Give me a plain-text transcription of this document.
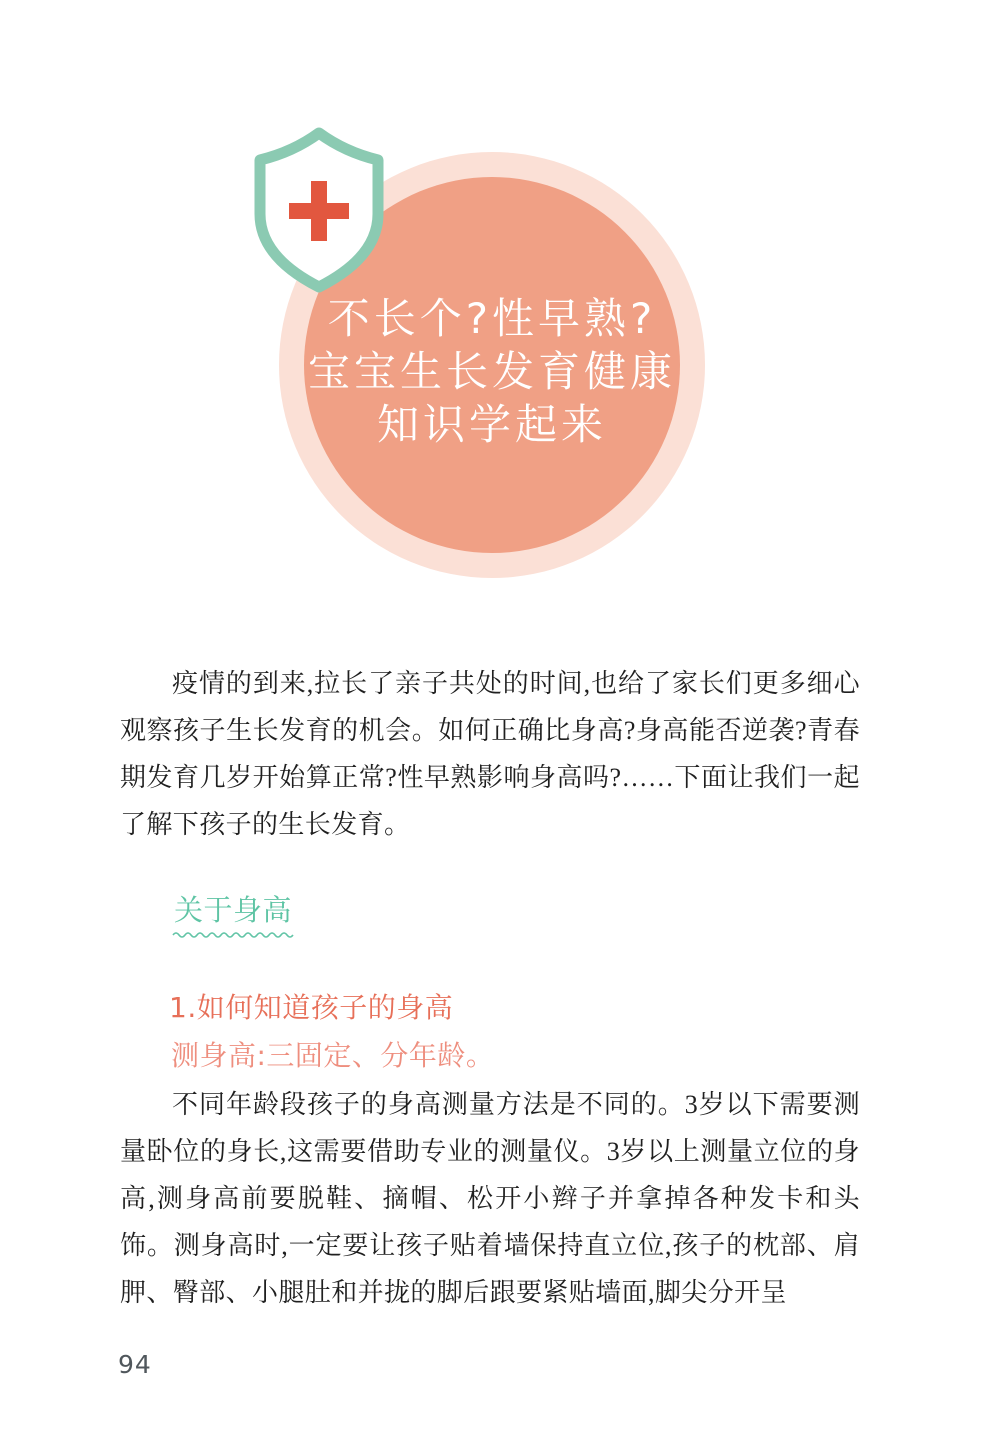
不长个?性早熟?
宝宝生长发育健康
知识学起来

疫情的到来,拉长了亲子共处的时间,也给了家长们更多细心观察孩子生长发育的机会。如何正确比身高?身高能否逆袭?青春期发育几岁开始算正常?性早熟影响身高吗?……下面让我们一起了解下孩子的生长发育。

关于身高
1.如何知道孩子的身高
测身高:三固定、分年龄。

不同年龄段孩子的身高测量方法是不同的。3岁以下需要测量卧位的身长,这需要借助专业的测量仪。3岁以上测量立位的身高,测身高前要脱鞋、摘帽、松开小辫子并拿掉各种发卡和头饰。测身高时,一定要让孩子贴着墙保持直立位,孩子的枕部、肩胛、臀部、小腿肚和并拢的脚后跟要紧贴墙面,脚尖分开呈

94
